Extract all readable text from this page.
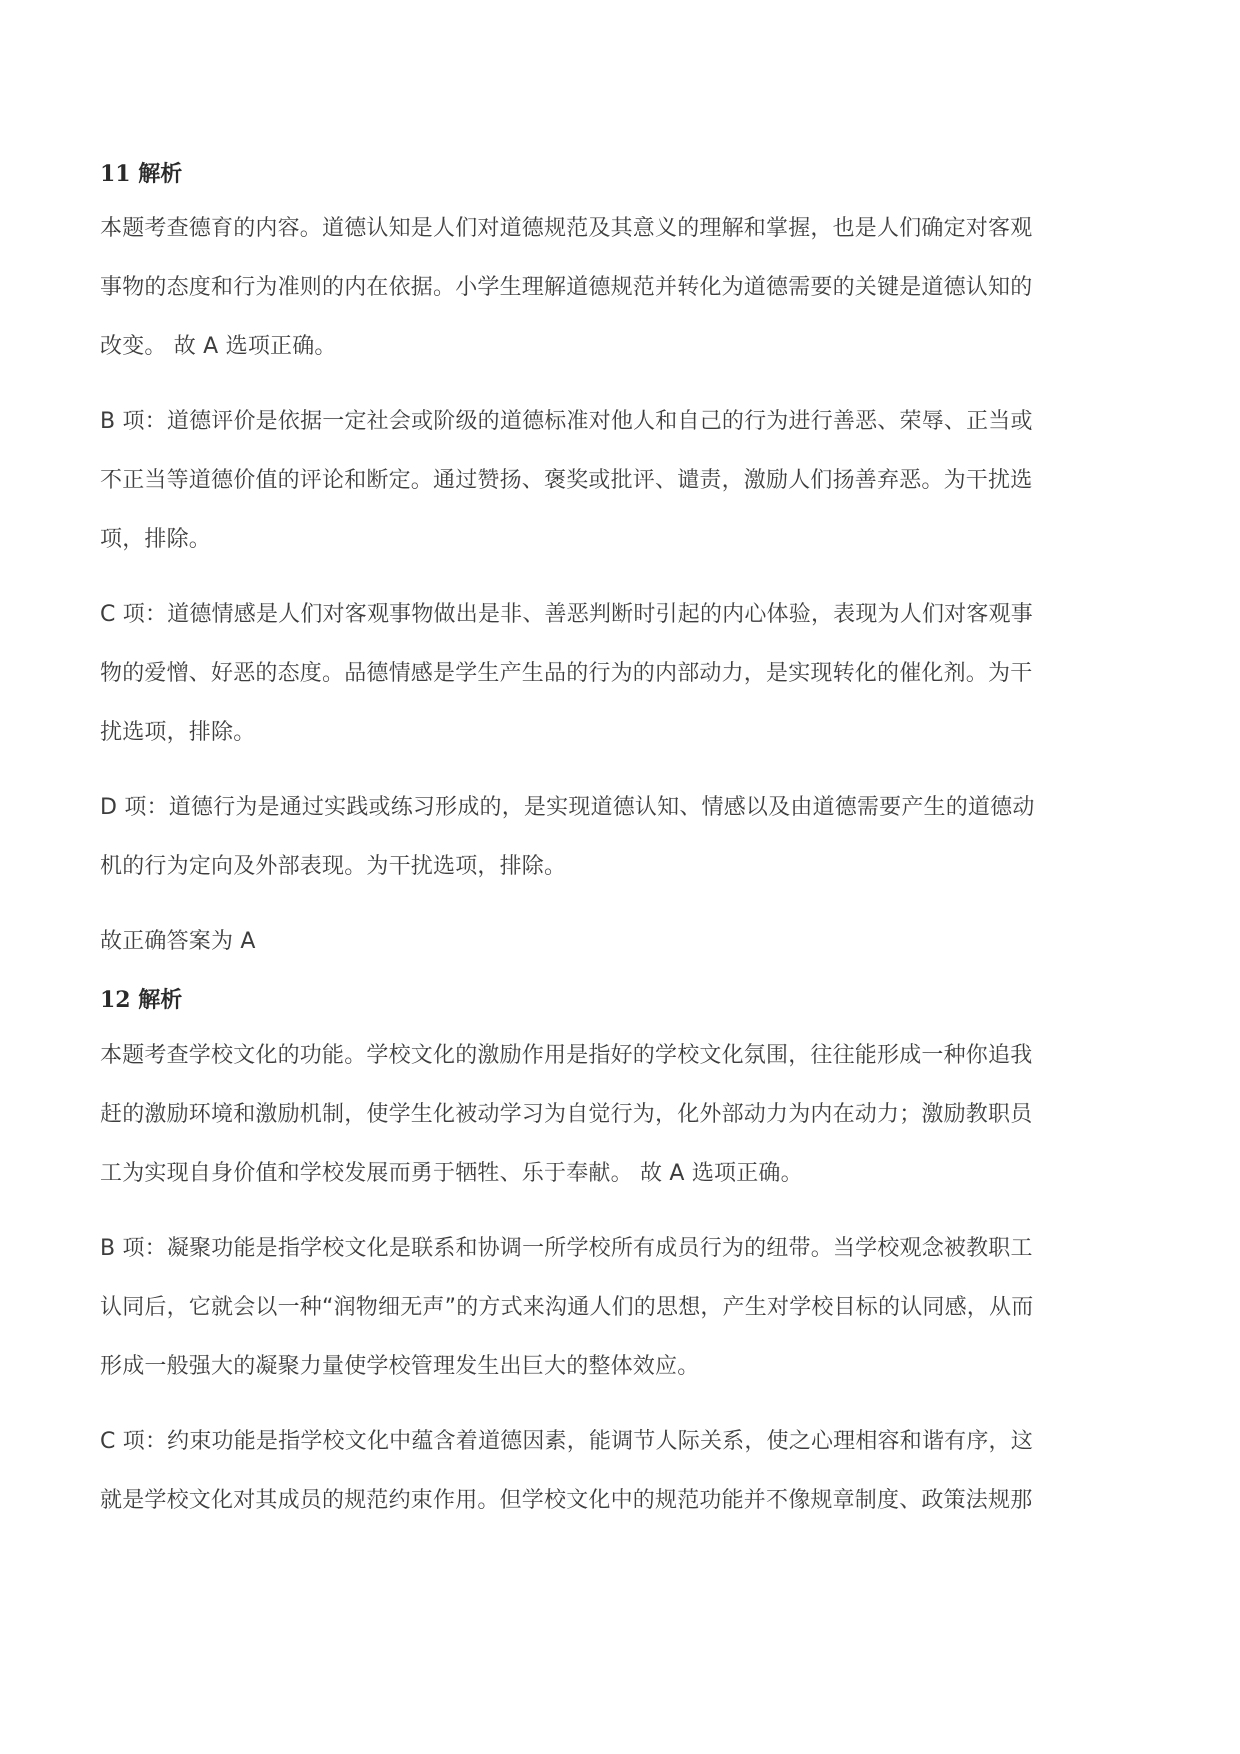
11 解析
本题考查德育的内容。道德认知是人们对道德规范及其意义的理解和掌握，也是人们确定对客观
事物的态度和行为准则的内在依据。小学生理解道德规范并转化为道德需要的关键是道德认知的
改变。 故 A 选项正确。
B 项：道德评价是依据一定社会或阶级的道德标准对他人和自己的行为进行善恶、荣辱、正当或
不正当等道德价值的评论和断定。通过赞扬、褒奖或批评、谴责，激励人们扬善弃恶。为干扰选
项，排除。
C 项：道德情感是人们对客观事物做出是非、善恶判断时引起的内心体验，表现为人们对客观事
物的爱憎、好恶的态度。品德情感是学生产生品的行为的内部动力，是实现转化的催化剂。为干
扰选项，排除。
D 项：道德行为是通过实践或练习形成的，是实现道德认知、情感以及由道德需要产生的道德动
机的行为定向及外部表现。为干扰选项，排除。
故正确答案为 A
12 解析
本题考查学校文化的功能。学校文化的激励作用是指好的学校文化氛围，往往能形成一种你追我
赶的激励环境和激励机制，使学生化被动学习为自觉行为，化外部动力为内在动力；激励教职员
工为实现自身价值和学校发展而勇于牺牲、乐于奉献。 故 A 选项正确。
B 项：凝聚功能是指学校文化是联系和协调一所学校所有成员行为的纽带。当学校观念被教职工
认同后，它就会以一种“润物细无声”的方式来沟通人们的思想，产生对学校目标的认同感，从而
形成一般强大的凝聚力量使学校管理发生出巨大的整体效应。
C 项：约束功能是指学校文化中蕴含着道德因素，能调节人际关系，使之心理相容和谐有序，这
就是学校文化对其成员的规范约束作用。但学校文化中的规范功能并不像规章制度、政策法规那
